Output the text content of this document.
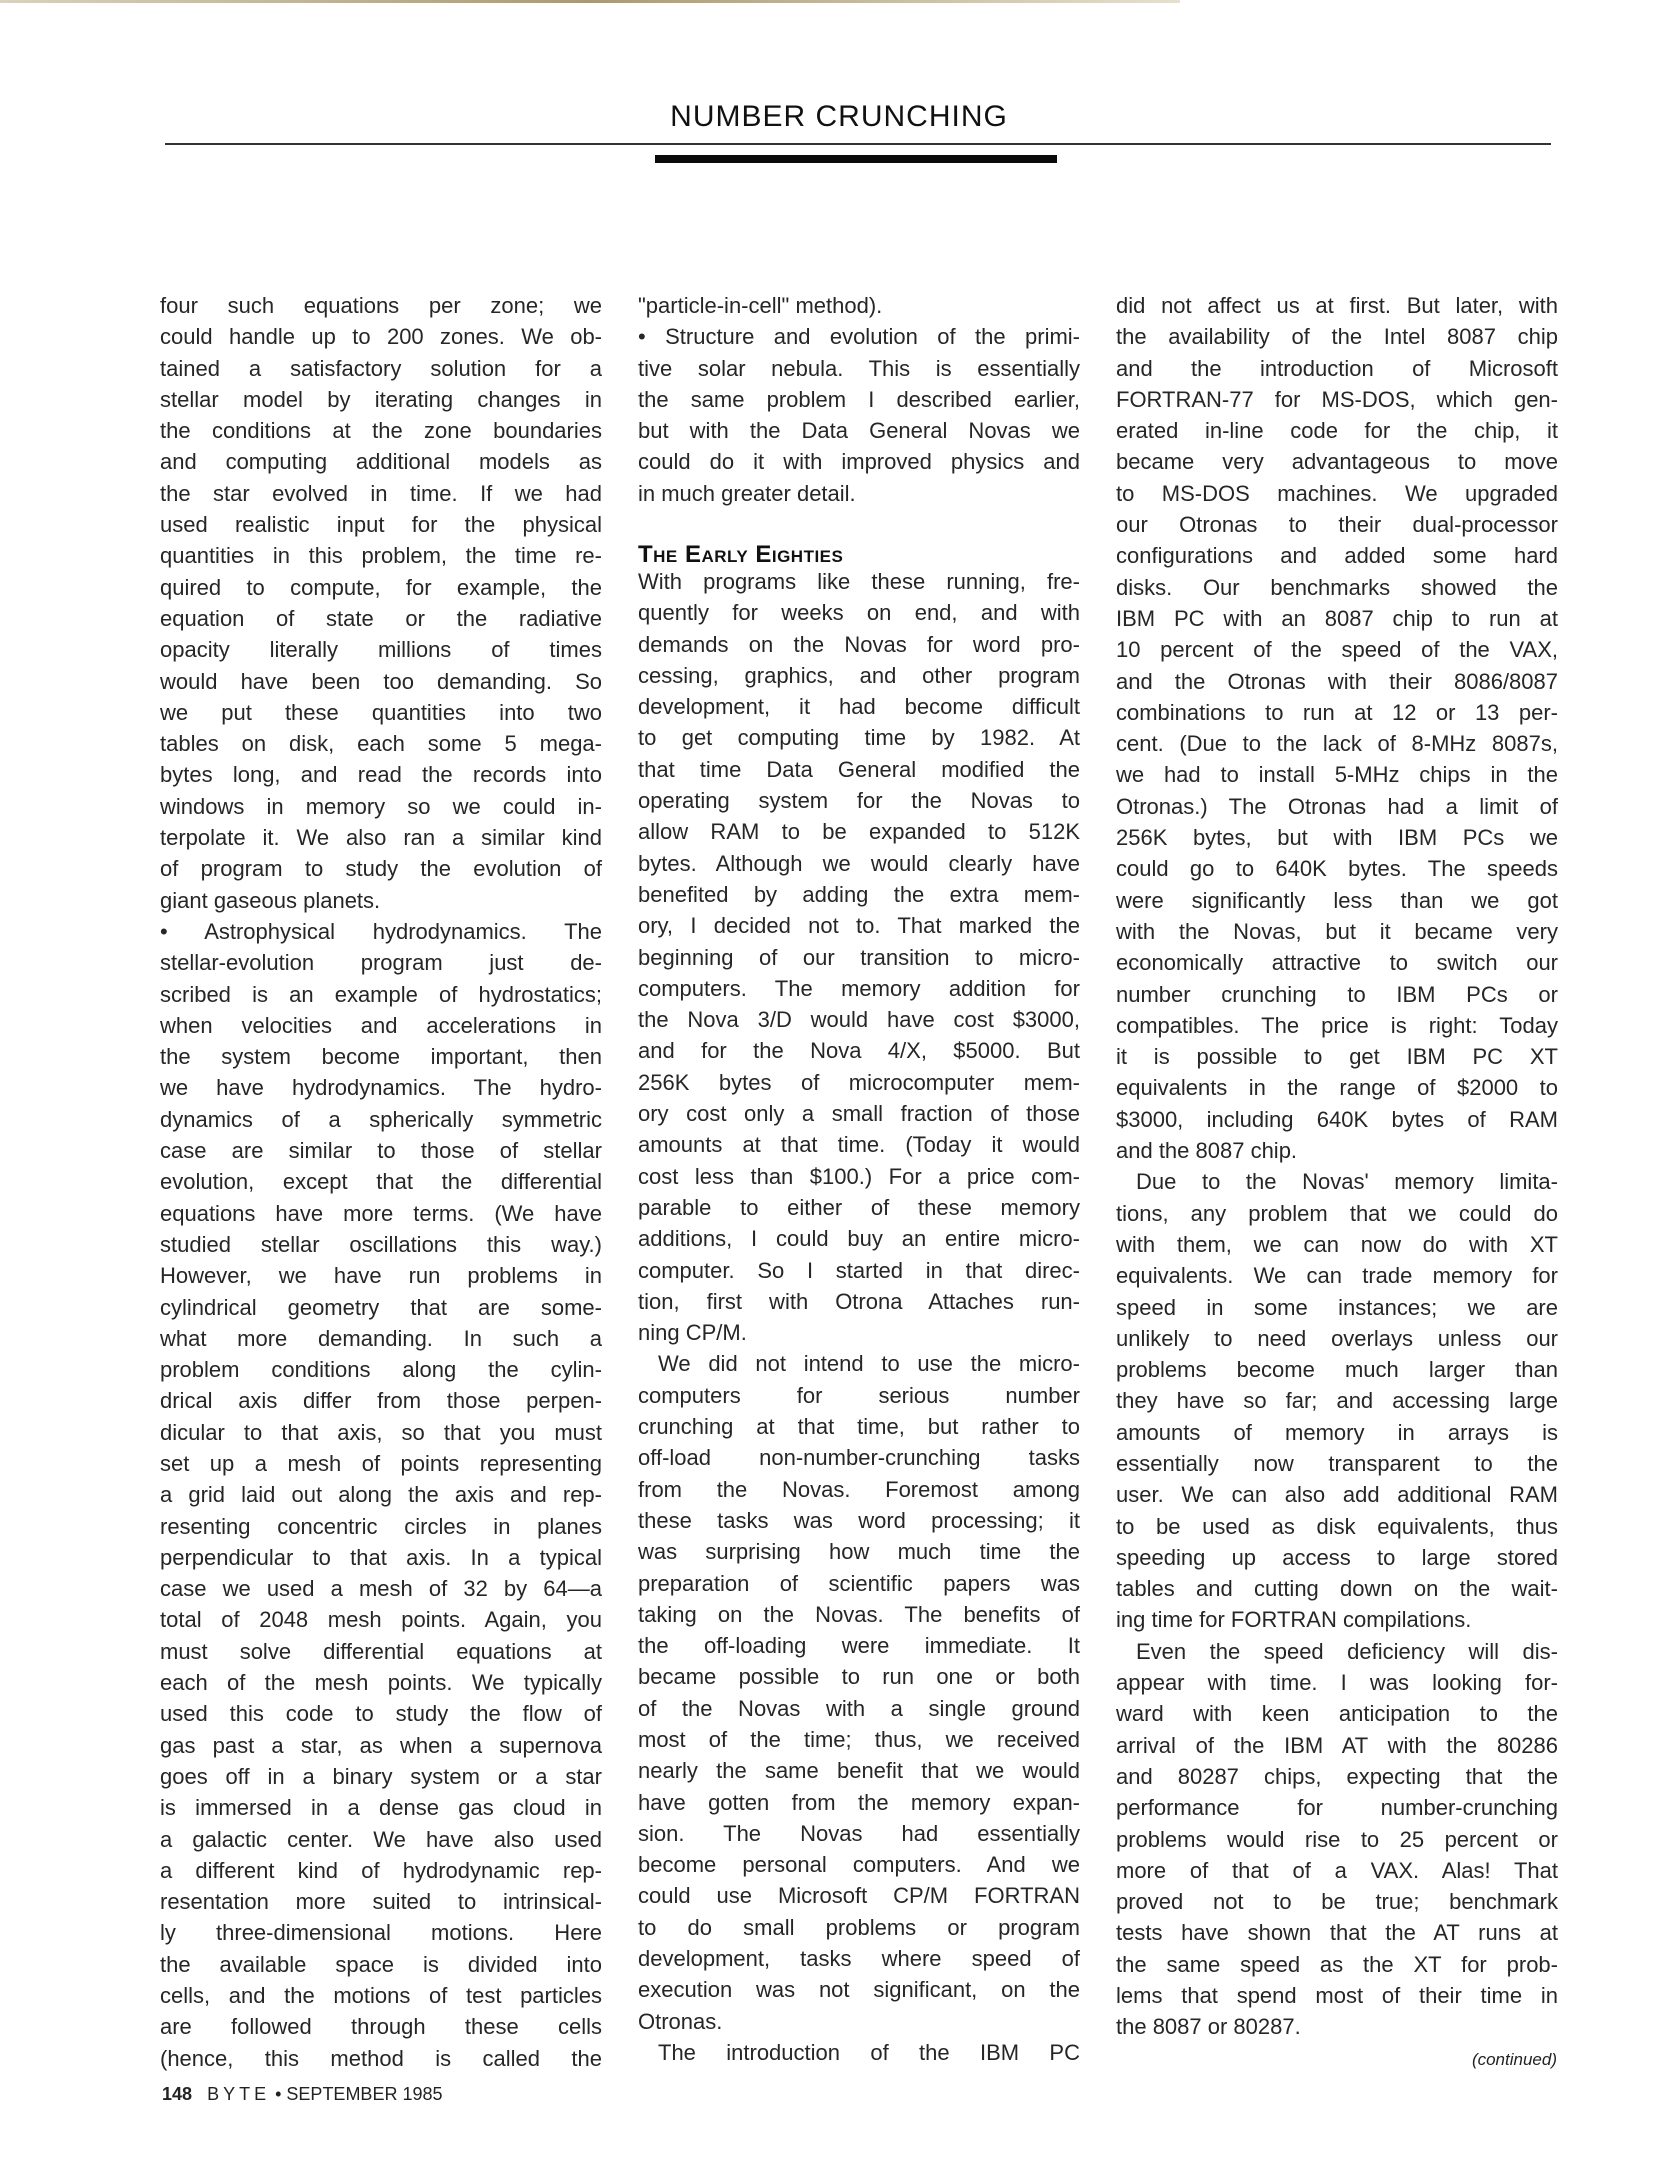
NUMBER CRUNCHING
four such equations per zone; we
could handle up to 200 zones. We ob-
tained a satisfactory solution for a
stellar model by iterating changes in
the conditions at the zone boundaries
and computing additional models as
the star evolved in time. If we had
used realistic input for the physical
quantities in this problem, the time re-
quired to compute, for example, the
equation of state or the radiative
opacity literally millions of times
would have been too demanding. So
we put these quantities into two
tables on disk, each some 5 mega-
bytes long, and read the records into
windows in memory so we could in-
terpolate it. We also ran a similar kind
of program to study the evolution of
giant gaseous planets.
• Astrophysical hydrodynamics. The
stellar-evolution program just de-
scribed is an example of hydrostatics;
when velocities and accelerations in
the system become important, then
we have hydrodynamics. The hydro-
dynamics of a spherically symmetric
case are similar to those of stellar
evolution, except that the differential
equations have more terms. (We have
studied stellar oscillations this way.)
However, we have run problems in
cylindrical geometry that are some-
what more demanding. In such a
problem conditions along the cylin-
drical axis differ from those perpen-
dicular to that axis, so that you must
set up a mesh of points representing
a grid laid out along the axis and rep-
resenting concentric circles in planes
perpendicular to that axis. In a typical
case we used a mesh of 32 by 64—a
total of 2048 mesh points. Again, you
must solve differential equations at
each of the mesh points. We typically
used this code to study the flow of
gas past a star, as when a supernova
goes off in a binary system or a star
is immersed in a dense gas cloud in
a galactic center. We have also used
a different kind of hydrodynamic rep-
resentation more suited to intrinsical-
ly three-dimensional motions. Here
the available space is divided into
cells, and the motions of test particles
are followed through these cells
(hence, this method is called the
"particle-in-cell" method).
• Structure and evolution of the primi-
tive solar nebula. This is essentially
the same problem I described earlier,
but with the Data General Novas we
could do it with improved physics and
in much greater detail.
The Early Eighties
With programs like these running, fre-
quently for weeks on end, and with
demands on the Novas for word pro-
cessing, graphics, and other program
development, it had become difficult
to get computing time by 1982. At
that time Data General modified the
operating system for the Novas to
allow RAM to be expanded to 512K
bytes. Although we would clearly have
benefited by adding the extra mem-
ory, I decided not to. That marked the
beginning of our transition to micro-
computers. The memory addition for
the Nova 3/D would have cost $3000,
and for the Nova 4/X, $5000. But
256K bytes of microcomputer mem-
ory cost only a small fraction of those
amounts at that time. (Today it would
cost less than $100.) For a price com-
parable to either of these memory
additions, I could buy an entire micro-
computer. So I started in that direc-
tion, first with Otrona Attaches run-
ning CP/M.
We did not intend to use the micro-
computers for serious number
crunching at that time, but rather to
off-load non-number-crunching tasks
from the Novas. Foremost among
these tasks was word processing; it
was surprising how much time the
preparation of scientific papers was
taking on the Novas. The benefits of
the off-loading were immediate. It
became possible to run one or both
of the Novas with a single ground
most of the time; thus, we received
nearly the same benefit that we would
have gotten from the memory expan-
sion. The Novas had essentially
become personal computers. And we
could use Microsoft CP/M FORTRAN
to do small problems or program
development, tasks where speed of
execution was not significant, on the
Otronas.
The introduction of the IBM PC
did not affect us at first. But later, with
the availability of the Intel 8087 chip
and the introduction of Microsoft
FORTRAN-77 for MS-DOS, which gen-
erated in-line code for the chip, it
became very advantageous to move
to MS-DOS machines. We upgraded
our Otronas to their dual-processor
configurations and added some hard
disks. Our benchmarks showed the
IBM PC with an 8087 chip to run at
10 percent of the speed of the VAX,
and the Otronas with their 8086/8087
combinations to run at 12 or 13 per-
cent. (Due to the lack of 8-MHz 8087s,
we had to install 5-MHz chips in the
Otronas.) The Otronas had a limit of
256K bytes, but with IBM PCs we
could go to 640K bytes. The speeds
were significantly less than we got
with the Novas, but it became very
economically attractive to switch our
number crunching to IBM PCs or
compatibles. The price is right: Today
it is possible to get IBM PC XT
equivalents in the range of $2000 to
$3000, including 640K bytes of RAM
and the 8087 chip.
Due to the Novas' memory limita-
tions, any problem that we could do
with them, we can now do with XT
equivalents. We can trade memory for
speed in some instances; we are
unlikely to need overlays unless our
problems become much larger than
they have so far; and accessing large
amounts of memory in arrays is
essentially now transparent to the
user. We can also add additional RAM
to be used as disk equivalents, thus
speeding up access to large stored
tables and cutting down on the wait-
ing time for FORTRAN compilations.
Even the speed deficiency will dis-
appear with time. I was looking for-
ward with keen anticipation to the
arrival of the IBM AT with the 80286
and 80287 chips, expecting that the
performance for number-crunching
problems would rise to 25 percent or
more of that of a VAX. Alas! That
proved not to be true; benchmark
tests have shown that the AT runs at
the same speed as the XT for prob-
lems that spend most of their time in
the 8087 or 80287.
(continued)
148 BYTE • SEPTEMBER 1985
